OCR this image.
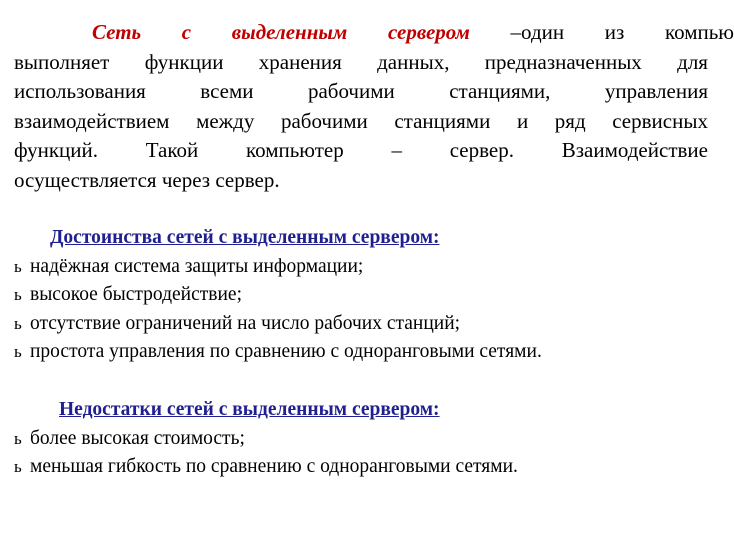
Сеть с выделенным сервером –один из компью
выполняет функции хранения данных, предназначенных для
использования	всеми	рабочими	станциями,	управления
взаимодействием между рабочими станциями и ряд сервисных
функций. Такой компьютер – сервер. Взаимодействие
осуществляется через сервер.
Достоинства сетей с выделенным сервером:
ь надёжная система защиты информации;
ь высокое быстродействие;
ь отсутствие ограничений на число рабочих станций;
ь простота управления по сравнению с одноранговыми сетями.
Недостатки сетей с выделенным сервером:
ь более высокая стоимость;
ь меньшая гибкость по сравнению с одноранговыми сетями.
